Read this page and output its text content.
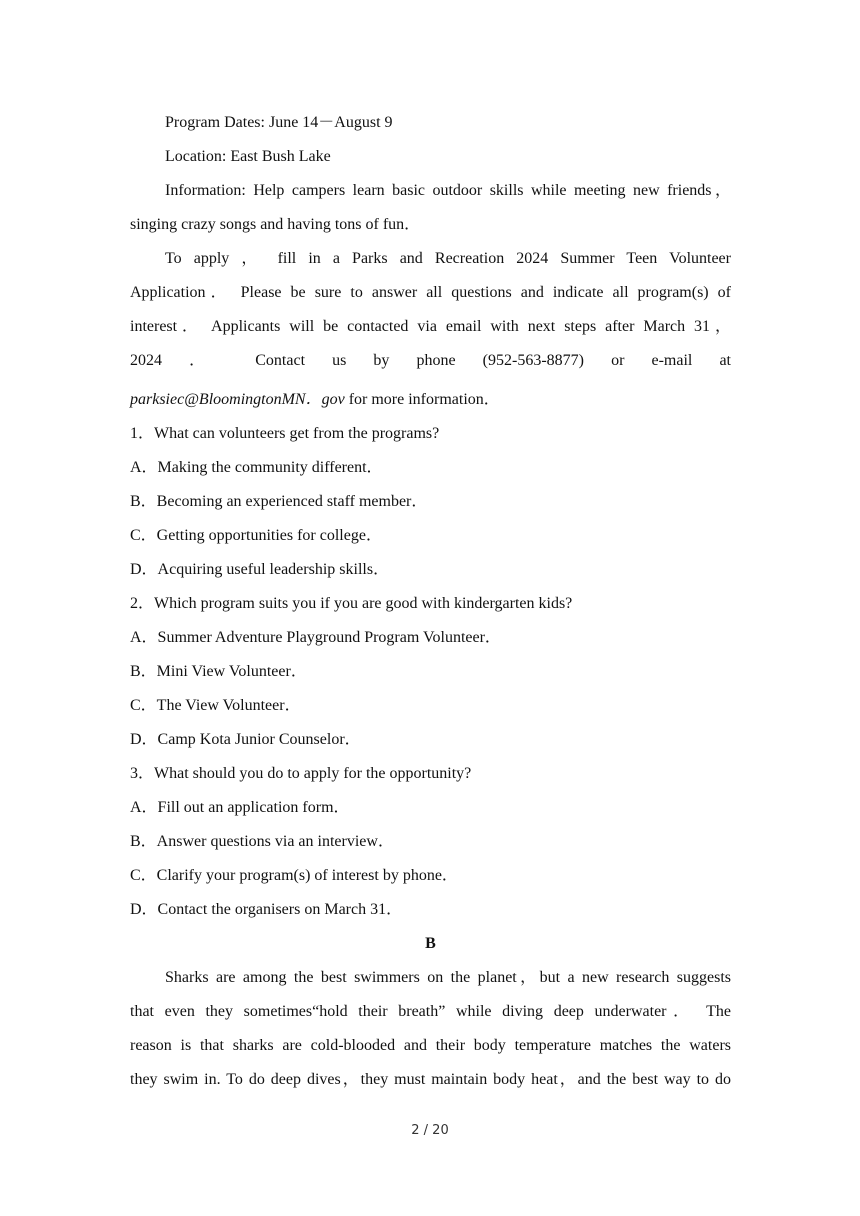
Program Dates: June 14－August 9

Location: East Bush Lake

Information: Help campers learn basic outdoor skills while meeting new friends，

singing crazy songs and having tons of fun．

To apply ， fill in a Parks and Recreation 2024 Summer Teen Volunteer

Application． Please be sure to answer all questions and indicate all program(s) of

interest． Applicants will be contacted via email with next steps after March 31，

2024 ． Contact us by phone (952-563-8877) or e-mail at

parksiec@BloomingtonMN．gov for more information．

1．What can volunteers get from the programs?

A．Making the community different．

B．Becoming an experienced staff member．

C．Getting opportunities for college．

D．Acquiring useful leadership skills．

2．Which program suits you if you are good with kindergarten kids?

A．Summer Adventure Playground Program Volunteer．

B．Mini View Volunteer．

C．The View Volunteer．

D．Camp Kota Junior Counselor．

3．What should you do to apply for the opportunity?

A．Fill out an application form．

B．Answer questions via an interview．

C．Clarify your program(s) of interest by phone．

D．Contact the organisers on March 31．

B

Sharks are among the best swimmers on the planet，but a new research suggests

that even they sometimes“hold their breath” while diving deep underwater． The

reason is that sharks are cold-blooded and their body temperature matches the waters

they swim in. To do deep dives，they must maintain body heat，and the best way to do

2 / 20
